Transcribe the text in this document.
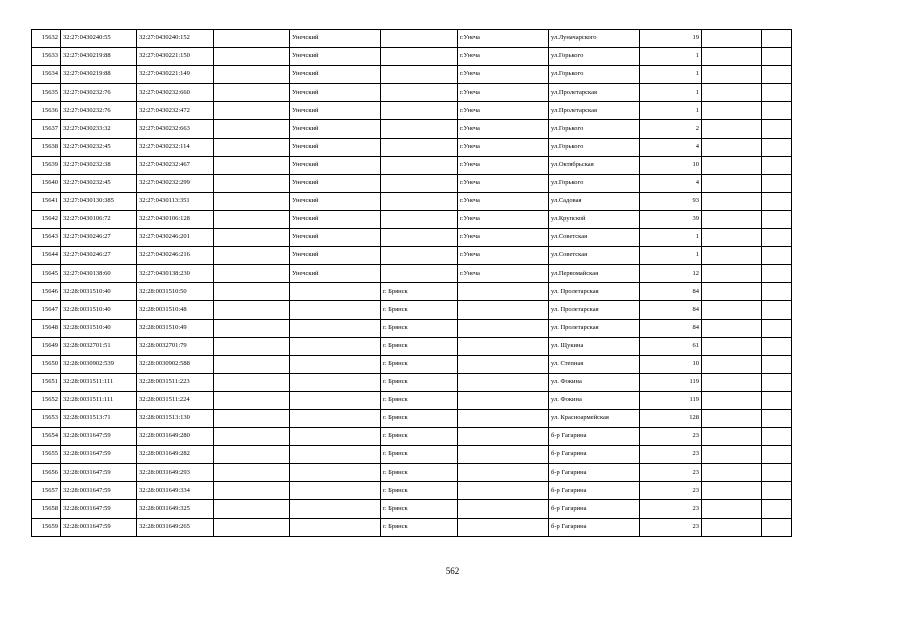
15632	32:27:0430240:55	32:27:0430240:152		Унечский		г.Унеча	ул.Луначарского	19		
15633	32:27:0430219:88	32:27:0430221:150		Унечский		г.Унеча	ул.Горького	1		
15634	32:27:0430219:88	32:27:0430221:149		Унечский		г.Унеча	ул.Горького	1		
15635	32:27:0430232:76	32:27:0430232:660		Унечский		г.Унеча	ул.Пролетарская	1		
15636	32:27:0430232:76	32:27:0430232:472		Унечский		г.Унеча	ул.Пролетарская	1		
15637	32:27:0430233:32	32:27:0430232:663		Унечский		г.Унеча	ул.Горького	2		
15638	32:27:0430232:45	32:27:0430232:114		Унечский		г.Унеча	ул.Горького	4		
15639	32:27:0430232:38	32:27:0430232:467		Унечский		г.Унеча	ул.Октябрьская	10		
15640	32:27:0430232:45	32:27:0430232:299		Унечский		г.Унеча	ул.Горького	4		
15641	32:27:0430130:385	32:27:0430113:351		Унечский		г.Унеча	ул.Садовая	93		
15642	32:27:0430106:72	32:27:0430106:128		Унечский		г.Унеча	ул.Крупской	39		
15643	32:27:0430246:27	32:27:0430246:201		Унечский		г.Унеча	ул.Советская	1		
15644	32:27:0430246:27	32:27:0430246:216		Унечский		г.Унеча	ул.Советская	1		
15645	32:27:0430138:60	32:27:0430138:230		Унечский		г.Унеча	ул.Первомайская	12		
15646	32:28:0031510:40	32:28:0031510:50			г. Брянск		ул. Пролетарская	84		
15647	32:28:0031510:40	32:28:0031510:48			г. Брянск		ул. Пролетарская	84		
15648	32:28:0031510:40	32:28:0031510:49			г. Брянск		ул. Пролетарская	84		
15649	32:28:0032701:51	32:28:0032701:79			г. Брянск		ул. Щукина	61		
15650	32:28:0030902:539	32:28:0030902:588			г. Брянск		ул. Степная	10		
15651	32:28:0031511:111	32:28:0031511:223			г. Брянск		ул. Фокина	119		
15652	32:28:0031511:111	32:28:0031511:224			г. Брянск		ул. Фокина	119		
15653	32:28:0031513:71	32:28:0031513:130			г. Брянск		ул. Красноармейская	128		
15654	32:28:0031647:59	32:28:0031649:280			г. Брянск		б-р Гагарина	23		
15655	32:28:0031647:59	32:28:0031649:282			г. Брянск		б-р Гагарина	23		
15656	32:28:0031647:59	32:28:0031649:293			г. Брянск		б-р Гагарина	23		
15657	32:28:0031647:59	32:28:0031649:334			г. Брянск		б-р Гагарина	23		
15658	32:28:0031647:59	32:28:0031649:325			г. Брянск		б-р Гагарина	23		
15659	32:28:0031647:59	32:28:0031649:265			г. Брянск		б-р Гагарина	23		
562
